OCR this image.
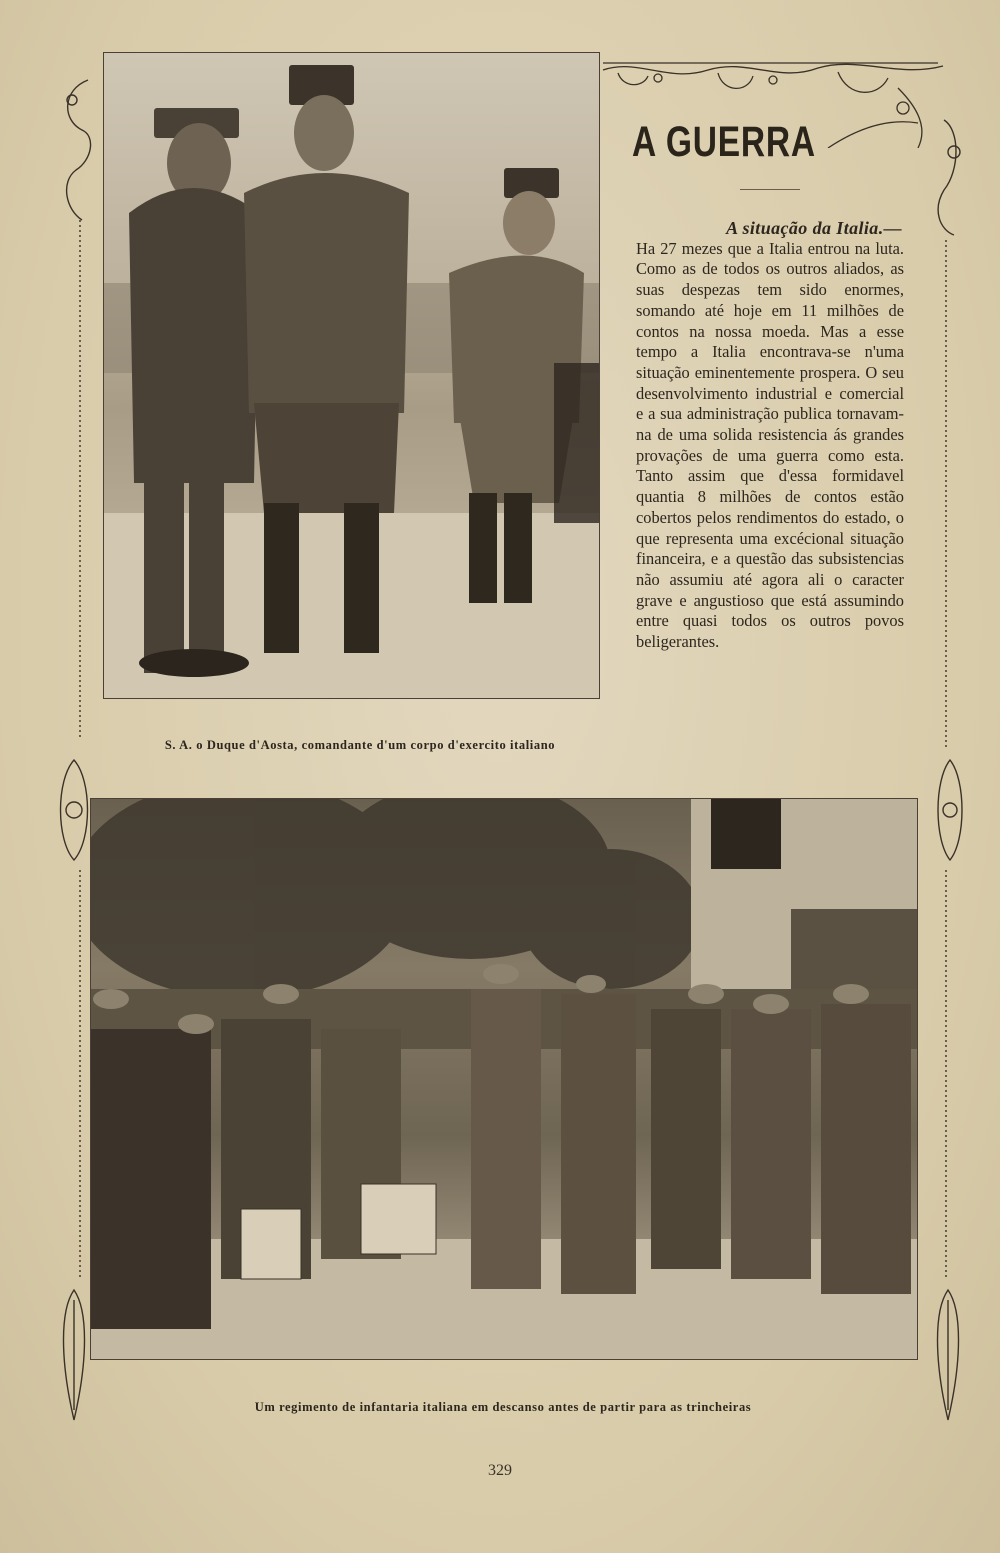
S. A. o Duque d'Aosta, comandante d'um corpo d'exercito italiano
A GUERRA
A situação da Italia.—
Ha 27 mezes que a Italia entrou na luta. Como as de todos os outros aliados, as suas despezas tem sido enormes, somando até hoje em 11 milhões de contos na nossa moeda. Mas a esse tempo a Italia encontrava-se n'uma situação eminentemente prospera. O seu desenvolvimento industrial e comercial e a sua administração publica tornavam-na de uma solida resistencia ás grandes provações de uma guerra como esta. Tanto assim que d'essa formidavel quantia 8 milhões de contos estão cobertos pelos rendimentos do estado, o que representa uma excécional situação financeira, e a questão das subsistencias não assumiu até agora ali o caracter grave e angustioso que está assumindo entre quasi todos os outros povos beligerantes.
Um regimento de infantaria italiana em descanso antes de partir para as trincheiras
329
